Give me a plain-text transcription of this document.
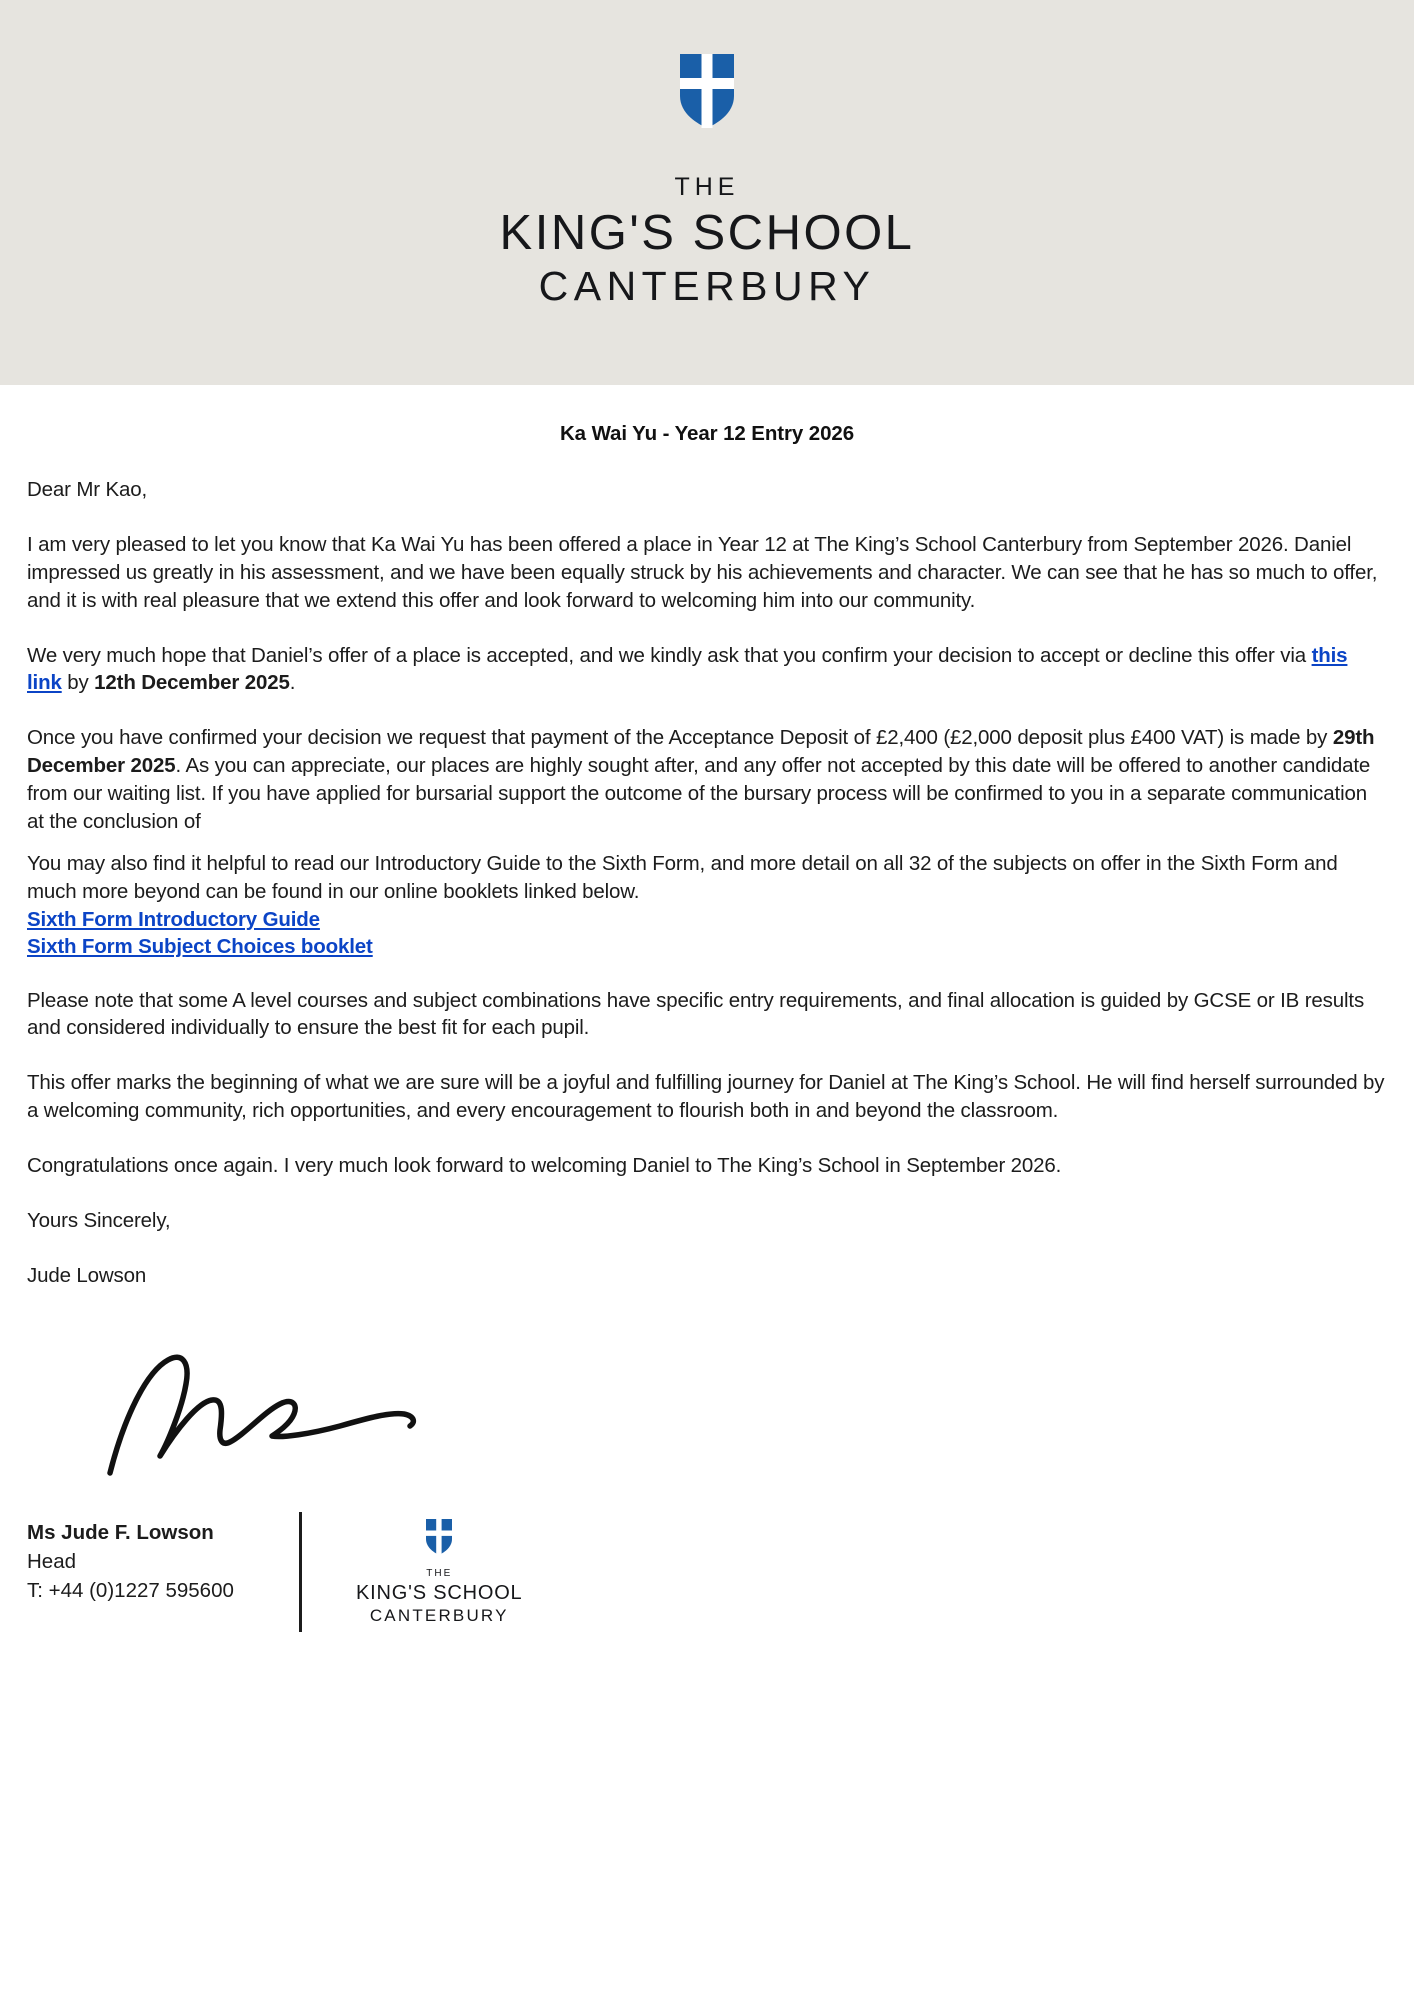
THE
KING'S SCHOOL
CANTERBURY
Ka Wai Yu - Year 12 Entry 2026

Dear Mr Kao,

I am very pleased to let you know that Ka Wai Yu has been offered a place in Year 12 at The King’s School Canterbury from September 2026. Daniel impressed us greatly in his assessment, and we have been equally struck by his achievements and character. We can see that he has so much to offer, and it is with real pleasure that we extend this offer and look forward to welcoming him into our community.

We very much hope that Daniel’s offer of a place is accepted, and we kindly ask that you confirm your decision to accept or decline this offer via this link by 12th December 2025.

Once you have confirmed your decision we request that payment of the Acceptance Deposit of £2,400 (£2,000 deposit plus £400 VAT) is made by 29th December 2025. As you can appreciate, our places are highly sought after, and any offer not accepted by this date will be offered to another candidate from our waiting list. If you have applied for bursarial support the outcome of the bursary process will be confirmed to you in a separate communication at the conclusion of

You may also find it helpful to read our Introductory Guide to the Sixth Form, and more detail on all 32 of the subjects on offer in the Sixth Form and much more beyond can be found in our online booklets linked below.

Sixth Form Introductory Guide
Sixth Form Subject Choices booklet

Please note that some A level courses and subject combinations have specific entry requirements, and final allocation is guided by GCSE or IB results and considered individually to ensure the best fit for each pupil.

This offer marks the beginning of what we are sure will be a joyful and fulfilling journey for Daniel at The King’s School. He will find herself surrounded by a welcoming community, rich opportunities, and every encouragement to flourish both in and beyond the classroom.

Congratulations once again. I very much look forward to welcoming Daniel to The King’s School in September 2026.

Yours Sincerely,

Jude Lowson

Ms Jude F. Lowson
Head
T: +44 (0)1227 595600
THE
KING'S SCHOOL
CANTERBURY
